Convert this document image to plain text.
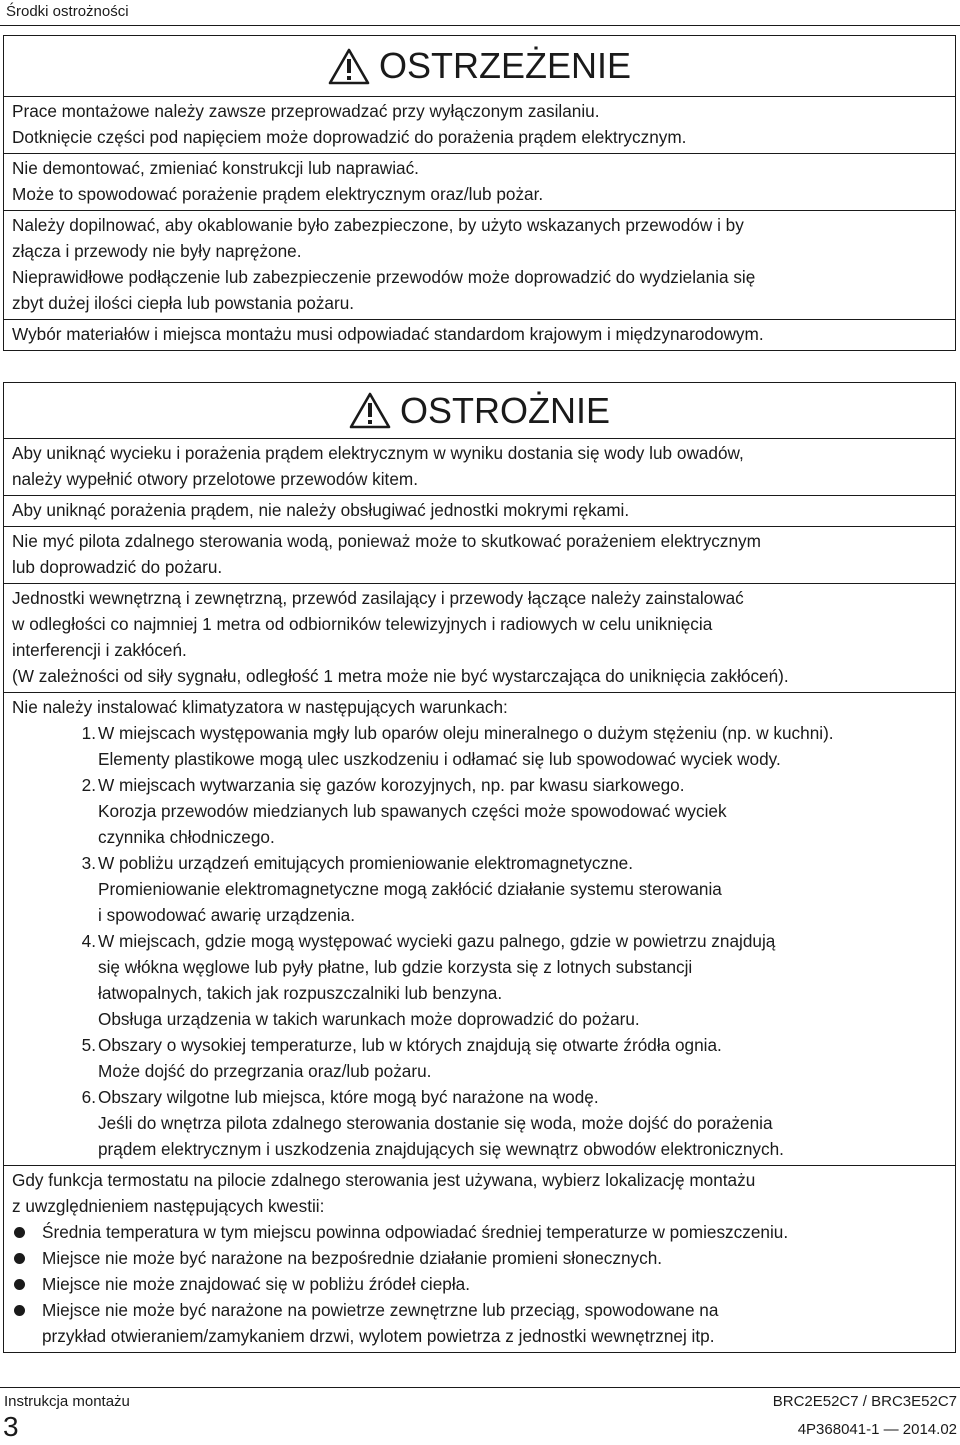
Środki ostrożności
OSTRZEŻENIE
Prace montażowe należy zawsze przeprowadzać przy wyłączonym zasilaniu.
Dotknięcie części pod napięciem może doprowadzić do porażenia prądem elektrycznym.
Nie demontować, zmieniać konstrukcji lub naprawiać.
Może to spowodować porażenie prądem elektrycznym oraz/lub pożar.
Należy dopilnować, aby okablowanie było zabezpieczone, by użyto wskazanych przewodów i by
złącza i przewody nie były naprężone.
Nieprawidłowe podłączenie lub zabezpieczenie przewodów może doprowadzić do wydzielania się
zbyt dużej ilości ciepła lub powstania pożaru.
Wybór materiałów i miejsca montażu musi odpowiadać standardom krajowym i międzynarodowym.
OSTROŻNIE
Aby uniknąć wycieku i porażenia prądem elektrycznym w wyniku dostania się wody lub owadów,
należy wypełnić otwory przelotowe przewodów kitem.
Aby uniknąć porażenia prądem, nie należy obsługiwać jednostki mokrymi rękami.
Nie myć pilota zdalnego sterowania wodą, ponieważ może to skutkować porażeniem elektrycznym
lub doprowadzić do pożaru.
Jednostki wewnętrzną i zewnętrzną, przewód zasilający i przewody łączące należy zainstalować
w odległości co najmniej 1 metra od odbiorników telewizyjnych i radiowych w celu uniknięcia
interferencji i zakłóceń.
(W zależności od siły sygnału, odległość 1 metra może nie być wystarczająca do uniknięcia zakłóceń).
Nie należy instalować klimatyzatora w następujących warunkach:
1. W miejscach występowania mgły lub oparów oleju mineralnego o dużym stężeniu (np. w kuchni).
Elementy plastikowe mogą ulec uszkodzeniu i odłamać się lub spowodować wyciek wody.
2. W miejscach wytwarzania się gazów korozyjnych, np. par kwasu siarkowego.
Korozja przewodów miedzianych lub spawanych części może spowodować wyciek
czynnika chłodniczego.
3. W pobliżu urządzeń emitujących promieniowanie elektromagnetyczne.
Promieniowanie elektromagnetyczne mogą zakłócić działanie systemu sterowania
i spowodować awarię urządzenia.
4. W miejscach, gdzie mogą występować wycieki gazu palnego, gdzie w powietrzu znajdują
się włókna węglowe lub pyły płatne, lub gdzie korzysta się z lotnych substancji
łatwopalnych, takich jak rozpuszczalniki lub benzyna.
Obsługa urządzenia w takich warunkach może doprowadzić do pożaru.
5. Obszary o wysokiej temperaturze, lub w których znajdują się otwarte źródła ognia.
Może dojść do przegrzania oraz/lub pożaru.
6. Obszary wilgotne lub miejsca, które mogą być narażone na wodę.
Jeśli do wnętrza pilota zdalnego sterowania dostanie się woda, może dojść do porażenia
prądem elektrycznym i uszkodzenia znajdujących się wewnątrz obwodów elektronicznych.
Gdy funkcja termostatu na pilocie zdalnego sterowania jest używana, wybierz lokalizację montażu
z uwzględnieniem następujących kwestii:
Średnia temperatura w tym miejscu powinna odpowiadać średniej temperaturze w pomieszczeniu.
Miejsce nie może być narażone na bezpośrednie działanie promieni słonecznych.
Miejsce nie może znajdować się w pobliżu źródeł ciepła.
Miejsce nie może być narażone na powietrze zewnętrzne lub przeciąg, spowodowane na
przykład otwieraniem/zamykaniem drzwi, wylotem powietrza z jednostki wewnętrznej itp.
Instrukcja montażu
3
BRC2E52C7 / BRC3E52C7
4P368041-1 — 2014.02
